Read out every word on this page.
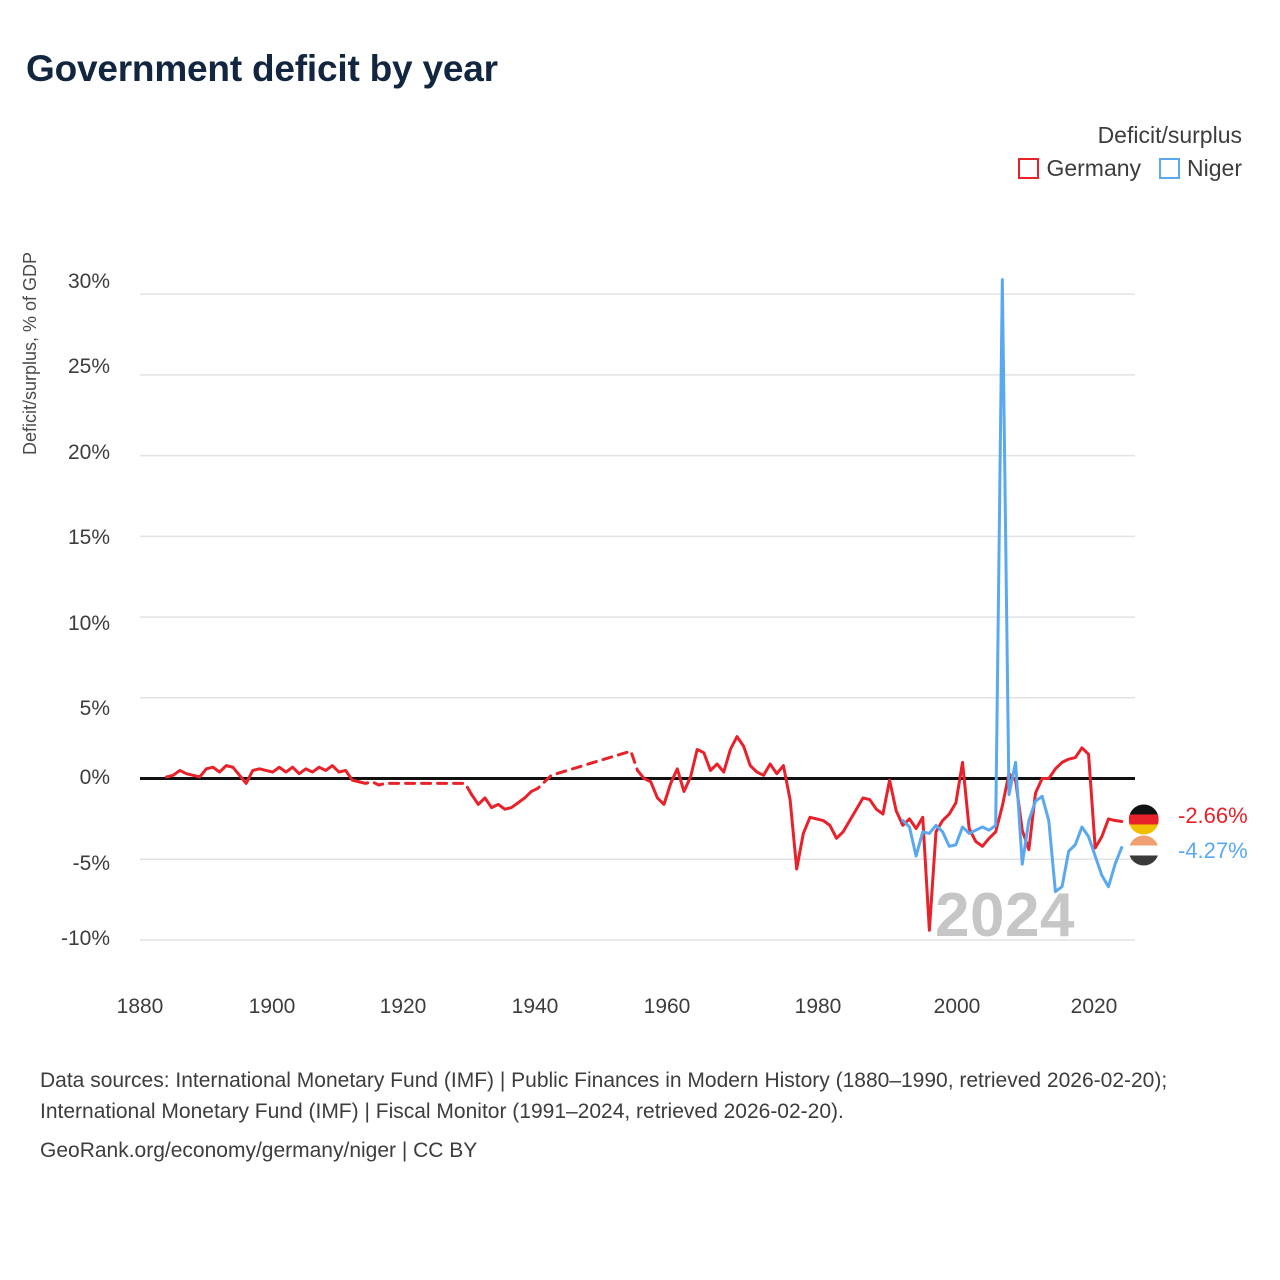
Government deficit by year
Deficit/surplus
Germany Niger
Deficit/surplus, % of GDP	30%
25%
20%
15%
10%
5%
0%
-5%
-10%
1880	1900	1920	1940	1960	1980	2000	2020
2024
-2.66%
-4.27%
Data sources: International Monetary Fund (IMF) | Public Finances in Modern History (1880–1990, retrieved 2026-02-20); International Monetary Fund (IMF) | Fiscal Monitor (1991–2024, retrieved 2026-02-20).
GeoRank.org/economy/germany/niger | CC BY
